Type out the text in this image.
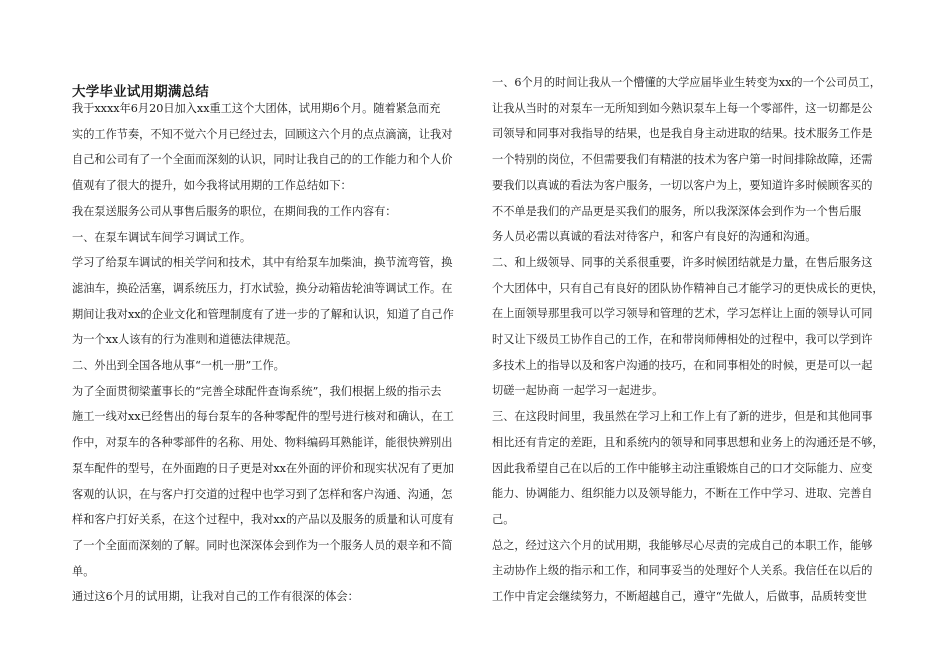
大学毕业试用期满总结
我于xxxx年6月20日加入xx重工这个大团体，试用期6个月。随着紧急而充
实的工作节奏，不知不觉六个月已经过去，回顾这六个月的点点滴滴，让我对
自己和公司有了一个全面而深刻的认识，同时让我自己的的工作能力和个人价
值观有了很大的提升，如今我将试用期的工作总结如下：
我在泵送服务公司从事售后服务的职位，在期间我的工作内容有：
一、在泵车调试车间学习调试工作。
学习了给泵车调试的相关学问和技术，其中有给泵车加柴油，换节流弯管，换
滤油车，换砼活塞，调系统压力，打水试验，换分动箱齿轮油等调试工作。在
期间让我对xx的企业文化和管理制度有了进一步的了解和认识，知道了自己作
为一个xx人该有的行为准则和道德法律规范。
二、外出到全国各地从事“一机一册”工作。
为了全面贯彻梁董事长的“完善全球配件查询系统”，我们根据上级的指示去
施工一线对xx已经售出的每台泵车的各种零配件的型号进行核对和确认，在工
作中，对泵车的各种零部件的名称、用处、物料编码耳熟能详，能很快辨别出
泵车配件的型号，在外面跑的日子更是对xx在外面的评价和现实状况有了更加
客观的认识，在与客户打交道的过程中也学习到了怎样和客户沟通、沟通，怎
样和客户打好关系，在这个过程中，我对xx的产品以及服务的质量和认可度有
了一个全面而深刻的了解。同时也深深体会到作为一个服务人员的艰辛和不简
单。
通过这6个月的试用期，让我对自己的工作有很深的体会：
一、6个月的时间让我从一个懵懂的大学应届毕业生转变为xx的一个公司员工，
让我从当时的对泵车一无所知到如今熟识泵车上每一个零部件，这一切都是公
司领导和同事对我指导的结果，也是我自身主动进取的结果。技术服务工作是
一个特别的岗位，不但需要我们有精湛的技术为客户第一时间排除故障，还需
要我们以真诚的看法为客户服务，一切以客户为上，要知道许多时候顾客买的
不不单是我们的产品更是买我们的服务，所以我深深体会到作为一个售后服
务人员必需以真诚的看法对待客户，和客户有良好的沟通和沟通。
二、和上级领导、同事的关系很重要，许多时候团结就是力量，在售后服务这
个大团体中，只有自己有良好的团队协作精神自己才能学习的更快成长的更快，
在上面领导那里我可以学习领导和管理的艺术，学习怎样让上面的领导认可同
时又让下级员工协作自己的工作，在和带岗师傅相处的过程中，我可以学到许
多技术上的指导以及和客户沟通的技巧，在和同事相处的时候，更是可以一起
切磋一起协商 一起学习一起进步。
三、在这段时间里，我虽然在学习上和工作上有了新的进步，但是和其他同事
相比还有肯定的差距，且和系统内的领导和同事思想和业务上的沟通还是不够，
因此我希望自己在以后的工作中能够主动注重锻炼自己的口才交际能力、应变
能力、协调能力、组织能力以及领导能力，不断在工作中学习、进取、完善自
己。
总之，经过这六个月的试用期，我能够尽心尽责的完成自己的本职工作，能够
主动协作上级的指示和工作，和同事妥当的处理好个人关系。我信任在以后的
工作中肯定会继续努力，不断超越自己，遵守“先做人，后做事，品质转变世
